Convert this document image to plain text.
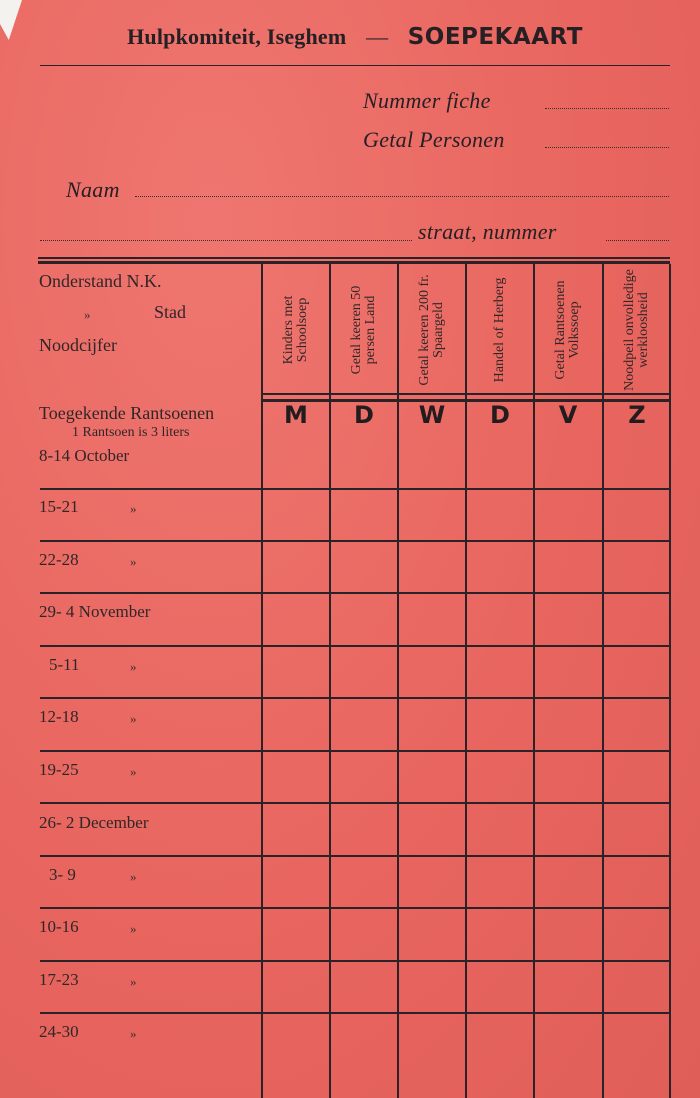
Hulpkomiteit, Iseghem — SOEPEKAART
Nummer fiche
Getal Personen
Naam
straat, nummer
Onderstand N.K.
»	Stad
Noodcijfer	Kinders met Schoolsoep	Getal keeren 50 persen Land	Getal keeren 200 fr. Spaargeld	Handel of Herberg	Getal Rantsoenen Volkssoep	Noodpeil onvolledige werkloosheid
M	D	W	D	V	Z
8-14 October
15-21	»
22-28	»
29- 4 November
5-11	»
12-18	»
19-25	»
26- 2 December
3- 9	»
10-16	»
17-23	»
24-30	»
Toegekende Rantsoenen
1 Rantsoen is 3 liters
